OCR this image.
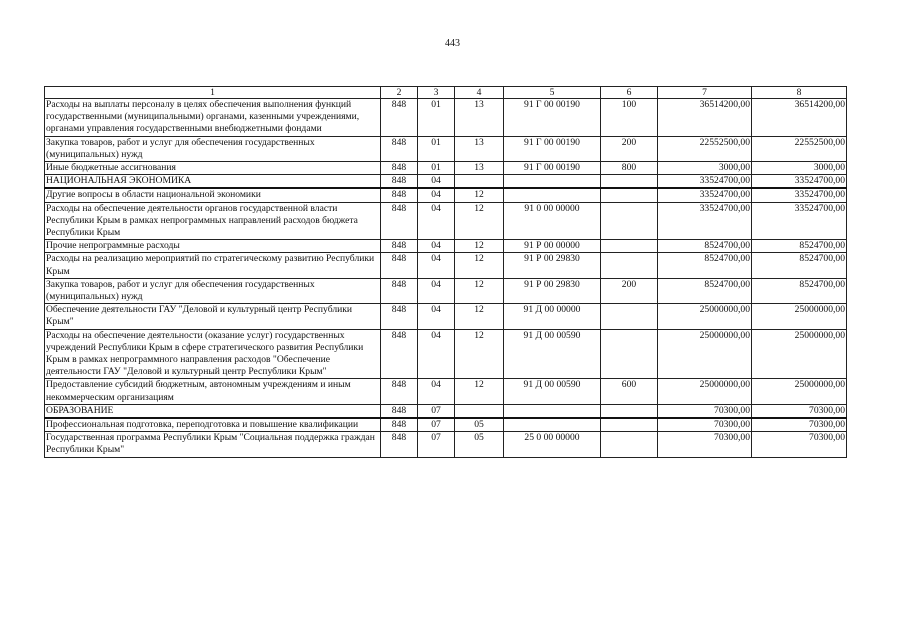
443
1	2	3	4	5	6	7	8
Расходы на выплаты персоналу в целях обеспечения выполнения функций государственными (муниципальными) органами, казенными учреждениями, органами управления государственными внебюджетными фондами	848	01	13	91 Г 00 00190	100	36514200,00	36514200,00
Закупка товаров, работ и услуг для обеспечения государственных (муниципальных) нужд	848	01	13	91 Г 00 00190	200	22552500,00	22552500,00
Иные бюджетные ассигнования	848	01	13	91 Г 00 00190	800	3000,00	3000,00
НАЦИОНАЛЬНАЯ ЭКОНОМИКА	848	04				33524700,00	33524700,00
Другие вопросы в области национальной экономики	848	04	12			33524700,00	33524700,00
Расходы на обеспечение деятельности органов государственной власти Республики Крым в рамках непрограммных направлений расходов бюджета Республики Крым	848	04	12	91 0 00 00000		33524700,00	33524700,00
Прочие непрограммные расходы	848	04	12	91 Р 00 00000		8524700,00	8524700,00
Расходы на реализацию мероприятий по стратегическому развитию Республики Крым	848	04	12	91 Р 00 29830		8524700,00	8524700,00
Закупка товаров, работ и услуг для обеспечения государственных (муниципальных) нужд	848	04	12	91 Р 00 29830	200	8524700,00	8524700,00
Обеспечение деятельности ГАУ "Деловой и культурный центр Республики Крым"	848	04	12	91 Д 00 00000		25000000,00	25000000,00
Расходы на обеспечение деятельности (оказание услуг) государственных учреждений Республики Крым в сфере стратегического развития Республики Крым в рамках непрограммного направления расходов "Обеспечение деятельности ГАУ "Деловой и культурный центр Республики Крым"	848	04	12	91 Д 00 00590		25000000,00	25000000,00
Предоставление субсидий бюджетным, автономным учреждениям и иным некоммерческим организациям	848	04	12	91 Д 00 00590	600	25000000,00	25000000,00
ОБРАЗОВАНИЕ	848	07				70300,00	70300,00
Профессиональная подготовка, переподготовка и повышение квалификации	848	07	05			70300,00	70300,00
Государственная программа Республики Крым "Социальная поддержка граждан Республики Крым"	848	07	05	25 0 00 00000		70300,00	70300,00
